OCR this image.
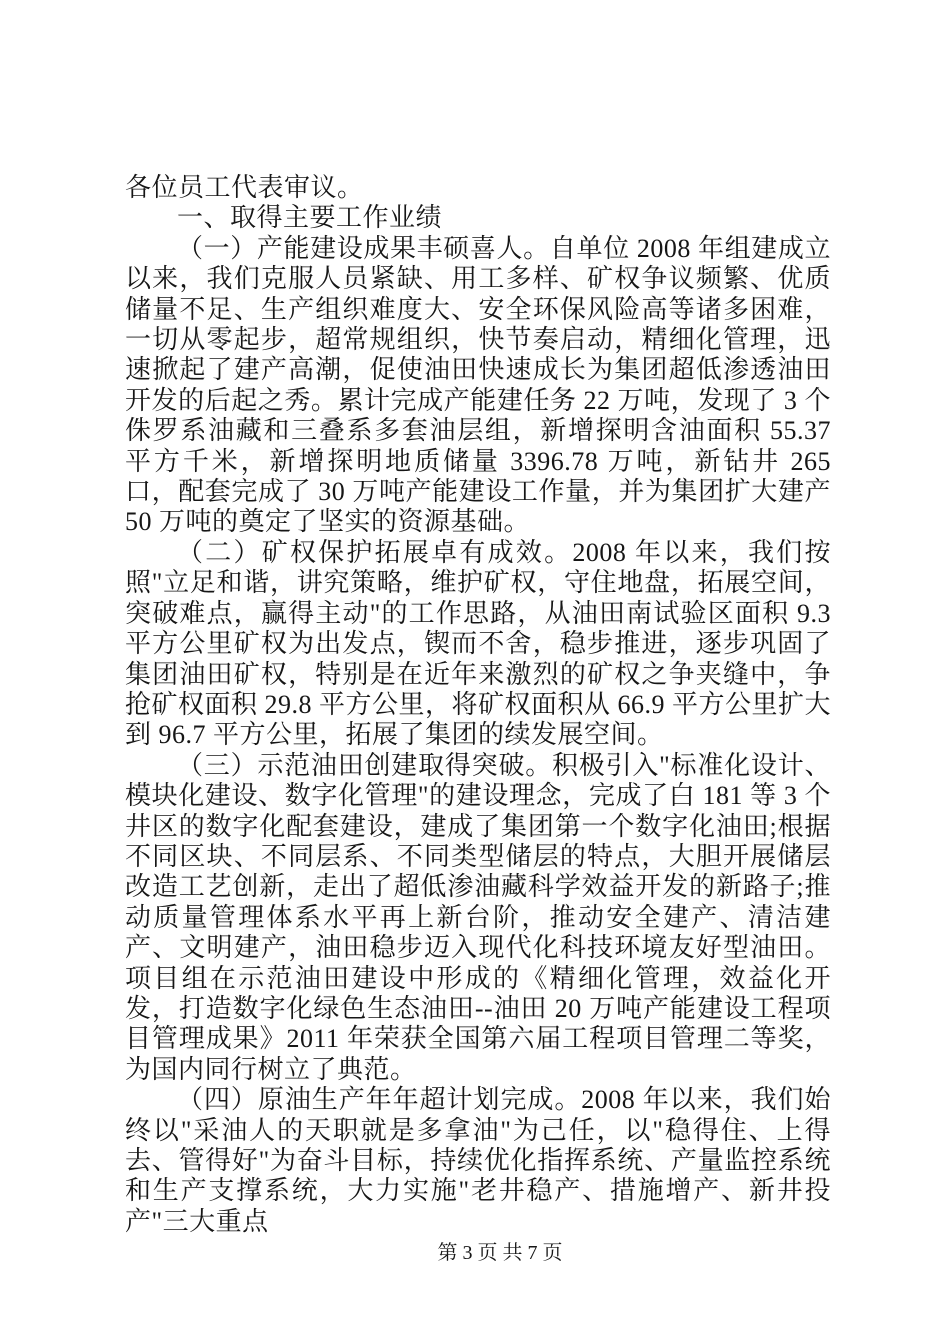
各位员工代表审议。

一、取得主要工作业绩

（一）产能建设成果丰硕喜人。自单位 2008 年组建成立以来，我们克服人员紧缺、用工多样、矿权争议频繁、优质储量不足、生产组织难度大、安全环保风险高等诸多困难，一切从零起步，超常规组织，快节奏启动，精细化管理，迅速掀起了建产高潮，促使油田快速成长为集团超低渗透油田开发的后起之秀。累计完成产能建任务 22 万吨，发现了 3 个侏罗系油藏和三叠系多套油层组，新增探明含油面积 55.37 平方千米，新增探明地质储量 3396.78 万吨，新钻井 265 口，配套完成了 30 万吨产能建设工作量，并为集团扩大建产 50 万吨的奠定了坚实的资源基础。

（二）矿权保护拓展卓有成效。2008 年以来，我们按照"立足和谐，讲究策略，维护矿权，守住地盘，拓展空间，突破难点，赢得主动"的工作思路，从油田南试验区面积 9.3 平方公里矿权为出发点，锲而不舍，稳步推进，逐步巩固了集团油田矿权，特别是在近年来激烈的矿权之争夹缝中，争抢矿权面积 29.8 平方公里，将矿权面积从 66.9 平方公里扩大到 96.7 平方公里，拓展了集团的续发展空间。

（三）示范油田创建取得突破。积极引入"标准化设计、模块化建设、数字化管理"的建设理念，完成了白 181 等 3 个井区的数字化配套建设，建成了集团第一个数字化油田;根据不同区块、不同层系、不同类型储层的特点，大胆开展储层改造工艺创新，走出了超低渗油藏科学效益开发的新路子;推动质量管理体系水平再上新台阶，推动安全建产、清洁建产、文明建产，油田稳步迈入现代化科技环境友好型油田。项目组在示范油田建设中形成的《精细化管理，效益化开发，打造数字化绿色生态油田--油田 20 万吨产能建设工程项目管理成果》2011 年荣获全国第六届工程项目管理二等奖，为国内同行树立了典范。

（四）原油生产年年超计划完成。2008 年以来，我们始终以"采油人的天职就是多拿油"为己任，以"稳得住、上得去、管得好"为奋斗目标，持续优化指挥系统、产量监控系统和生产支撑系统，大力实施"老井稳产、措施增产、新井投产"三大重点

第 3 页 共 7 页
